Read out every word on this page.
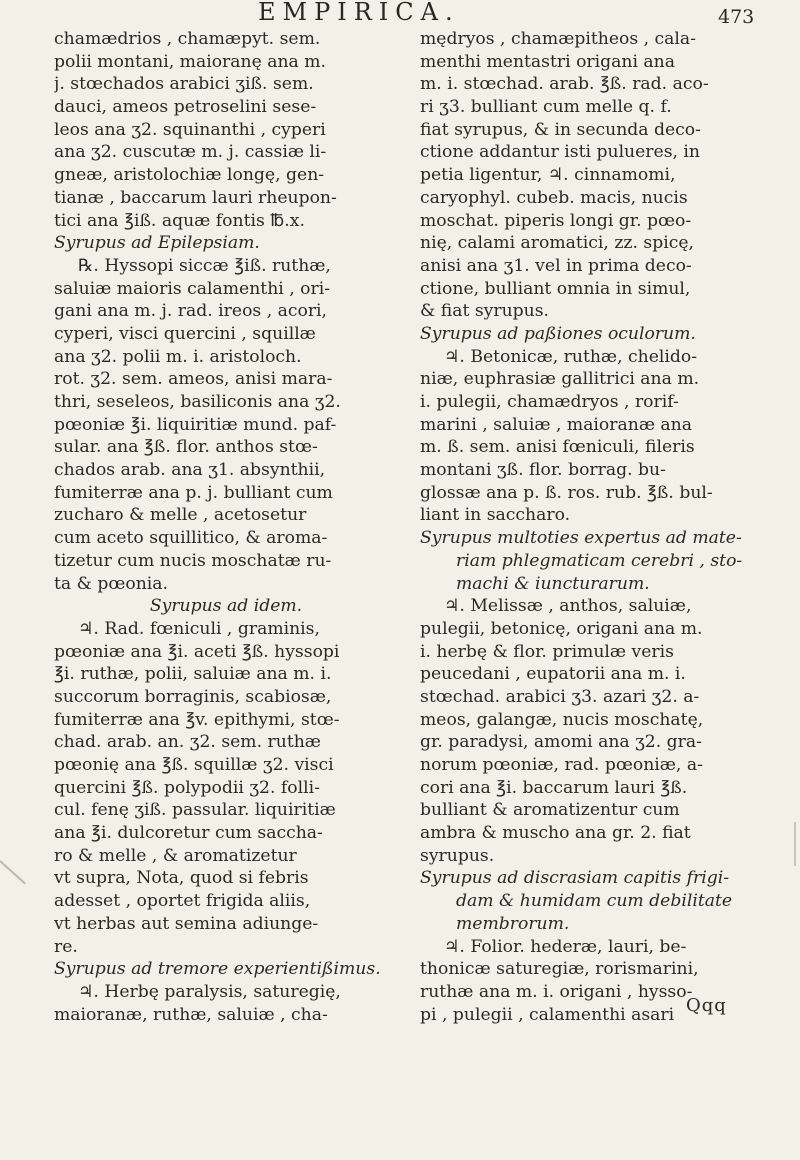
EMPIRICA.	473
chamædrios , chamæpyt. sem.
polii montani, maioranę ana m.
j. stœchados arabici ʒiß. sem.
dauci, ameos petroselini sese-
leos ana ʒ2. squinanthi , cyperi
ana ʒ2. cuscutæ m. j. cassiæ li-
gneæ, aristolochiæ longę, gen-
tianæ , baccarum lauri rheupon-
tici ana ℥iß. aquæ fontis ℔.x.
Syrupus ad Epilepsiam.
℞. Hyssopi siccæ ℥iß. ruthæ,
saluiæ maioris calamenthi , ori-
gani ana m. j. rad. ireos , acori,
cyperi, visci quercini , squillæ
ana ʒ2. polii m. i. aristoloch.
rot. ʒ2. sem. ameos, anisi mara-
thri, seseleos, basiliconis ana ʒ2.
pœoniæ ℥i. liquiritiæ mund. paf-
sular. ana ℥ß. flor. anthos stœ-
chados arab. ana ʒ1. absynthii,
fumiterræ ana p. j. bulliant cum
zucharo & melle , acetosetur
cum aceto squillitico, & aroma-
tizetur cum nucis moschatæ ru-
ta & pœonia.
Syrupus ad idem.
♃. Rad. fœniculi , graminis,
pœoniæ ana ℥i. aceti ℥ß. hyssopi
℥i. ruthæ, polii, saluiæ ana m. i.
succorum borraginis, scabiosæ,
fumiterræ ana ℥v. epithymi, stœ-
chad. arab. an. ʒ2. sem. ruthæ
pœonię ana ℥ß. squillæ ʒ2. visci
quercini ℥ß. polypodii ʒ2. folli-
cul. fenę ʒiß. passular. liquiritiæ
ana ℥i. dulcoretur cum saccha-
ro & melle , & aromatizetur
vt supra, Nota, quod si febris
adesset , oportet frigida aliis,
vt herbas aut semina adiunge-
re.
Syrupus ad tremore experientißimus.
♃. Herbę paralysis, saturegię,
maioranæ, ruthæ, saluiæ , cha-
mędryos , chamæpitheos , cala-
menthi mentastri origani ana
m. i. stœchad. arab. ℥ß. rad. aco-
ri ʒ3. bulliant cum melle q. f.
fiat syrupus, & in secunda deco-
ctione addantur isti pulueres, in
petia ligentur, ♃. cinnamomi,
caryophyl. cubeb. macis, nucis
moschat. piperis longi gr. pœo-
nię, calami aromatici, zz. spicę,
anisi ana ʒ1. vel in prima deco-
ctione, bulliant omnia in simul,
& fiat syrupus.
Syrupus ad paßiones oculorum.
♃. Betonicæ, ruthæ, chelido-
niæ, euphrasiæ gallitrici ana m.
i. pulegii, chamædryos , rorif-
marini , saluiæ , maioranæ ana
m. ß. sem. anisi fœniculi, fileris
montani ʒß. flor. borrag. bu-
glossæ ana p. ß. ros. rub. ℥ß. bul-
liant in saccharo.
Syrupus multoties expertus ad mate-
riam phlegmaticam cerebri , sto-
machi & iuncturarum.
♃. Melissæ , anthos, saluiæ,
pulegii, betonicę, origani ana m.
i. herbę & flor. primulæ veris
peucedani , eupatorii ana m. i.
stœchad. arabici ʒ3. azari ʒ2. a-
meos, galangæ, nucis moschatę,
gr. paradysi, amomi ana ʒ2. gra-
norum pœoniæ, rad. pœoniæ, a-
cori ana ℥i. baccarum lauri ℥ß.
bulliant & aromatizentur cum
ambra & muscho ana gr. 2. fiat
syrupus.
Syrupus ad discrasiam capitis frigi-
dam & humidam cum debilitate
membrorum.
♃. Folior. hederæ, lauri, be-
thonicæ saturegiæ, rorismarini,
ruthæ ana m. i. origani , hysso-
pi , pulegii , calamenthi asari Qqq
